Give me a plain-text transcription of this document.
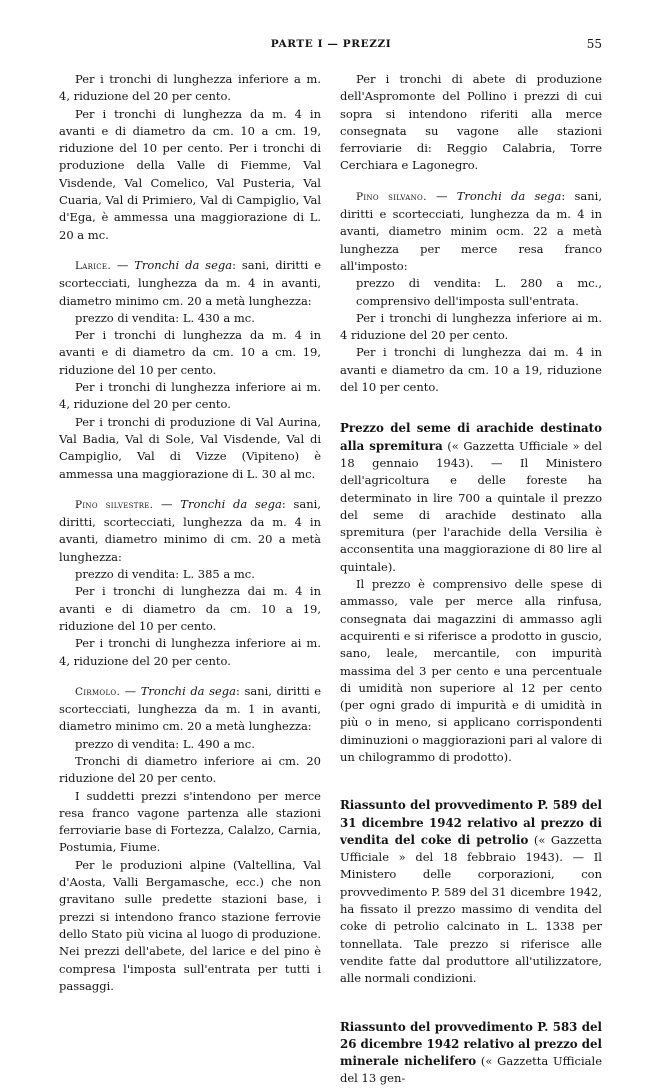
PARTE I — PREZZI	55

Per i tronchi di lunghezza inferiore a m. 4, riduzione del 20 per cento.

Per i tronchi di lunghezza da m. 4 in avanti e di diametro da cm. 10 a cm. 19, riduzione del 10 per cento. Per i tronchi di produzione della Valle di Fiemme, Val Visdende, Val Comelico, Val Pusteria, Val Cuaria, Val di Primiero, Val di Campiglio, Val d'Ega, è ammessa una maggiorazione di L. 20 a mc.

Larice. — Tronchi da sega: sani, diritti e scortecciati, lunghezza da m. 4 in avanti, diametro minimo cm. 20 a metà lunghezza:

prezzo di vendita: L. 430 a mc.

Per i tronchi di lunghezza da m. 4 in avanti e di diametro da cm. 10 a cm. 19, riduzione del 10 per cento.

Per i tronchi di lunghezza inferiore ai m. 4, riduzione del 20 per cento.

Per i tronchi di produzione di Val Aurina, Val Badia, Val di Sole, Val Visdende, Val di Campiglio, Val di Vizze (Vipiteno) è ammessa una maggiorazione di L. 30 al mc.

Pino silvestre. — Tronchi da sega: sani, diritti, scortecciati, lunghezza da m. 4 in avanti, diametro minimo di cm. 20 a metà lunghezza:

prezzo di vendita: L. 385 a mc.

Per i tronchi di lunghezza dai m. 4 in avanti e di diametro da cm. 10 a 19, riduzione del 10 per cento.

Per i tronchi di lunghezza inferiore ai m. 4, riduzione del 20 per cento.

Cirmolo. — Tronchi da sega: sani, diritti e scortecciati, lunghezza da m. 1 in avanti, diametro minimo cm. 20 a metà lunghezza:

prezzo di vendita: L. 490 a mc.

Tronchi di diametro inferiore ai cm. 20 riduzione del 20 per cento.

I suddetti prezzi s'intendono per merce resa franco vagone partenza alle stazioni ferroviarie base di Fortezza, Calalzo, Carnia, Postumia, Fiume.

Per le produzioni alpine (Valtellina, Val d'Aosta, Valli Bergamasche, ecc.) che non gravitano sulle predette stazioni base, i prezzi si intendono franco stazione ferrovie dello Stato più vicina al luogo di produzione. Nei prezzi dell'abete, del larice e del pino è compresa l'imposta sull'entrata per tutti i passaggi.

Per i tronchi di abete di produzione dell'Aspromonte del Pollino i prezzi di cui sopra si intendono riferiti alla merce consegnata su vagone alle stazioni ferroviarie di: Reggio Calabria, Torre Cerchiara e Lagonegro.

Pino silvano. — Tronchi da sega: sani, diritti e scortecciati, lunghezza da m. 4 in avanti, diametro minim ocm. 22 a metà lunghezza per merce resa franco all'imposto:

prezzo di vendita: L. 280 a mc., comprensivo dell'imposta sull'entrata.

Per i tronchi di lunghezza inferiore ai m. 4 riduzione del 20 per cento.

Per i tronchi di lunghezza dai m. 4 in avanti e diametro da cm. 10 a 19, riduzione del 10 per cento.

Prezzo del seme di arachide destinato alla spremitura (« Gazzetta Ufficiale » del 18 gennaio 1943). — Il Ministero dell'agricoltura e delle foreste ha determinato in lire 700 a quintale il prezzo del seme di arachide destinato alla spremitura (per l'arachide della Versilia è acconsentita una maggiorazione di 80 lire al quintale).

Il prezzo è comprensivo delle spese di ammasso, vale per merce alla rinfusa, consegnata dai magazzini di ammasso agli acquirenti e si riferisce a prodotto in guscio, sano, leale, mercantile, con impurità massima del 3 per cento e una percentuale di umidità non superiore al 12 per cento (per ogni grado di impurità e di umidità in più o in meno, si applicano corrispondenti diminuzioni o maggiorazioni pari al valore di un chilogrammo di prodotto).

Riassunto del provvedimento P. 589 del 31 dicembre 1942 relativo al prezzo di vendita del coke di petrolio (« Gazzetta Ufficiale » del 18 febbraio 1943). — Il Ministero delle corporazioni, con provvedimento P. 589 del 31 dicembre 1942, ha fissato il prezzo massimo di vendita del coke di petrolio calcinato in L. 1338 per tonnellata. Tale prezzo si riferisce alle vendite fatte dal produttore all'utilizzatore, alle normali condizioni.

Riassunto del provvedimento P. 583 del 26 dicembre 1942 relativo al prezzo del minerale nichelifero (« Gazzetta Ufficiale del 13 gen-
